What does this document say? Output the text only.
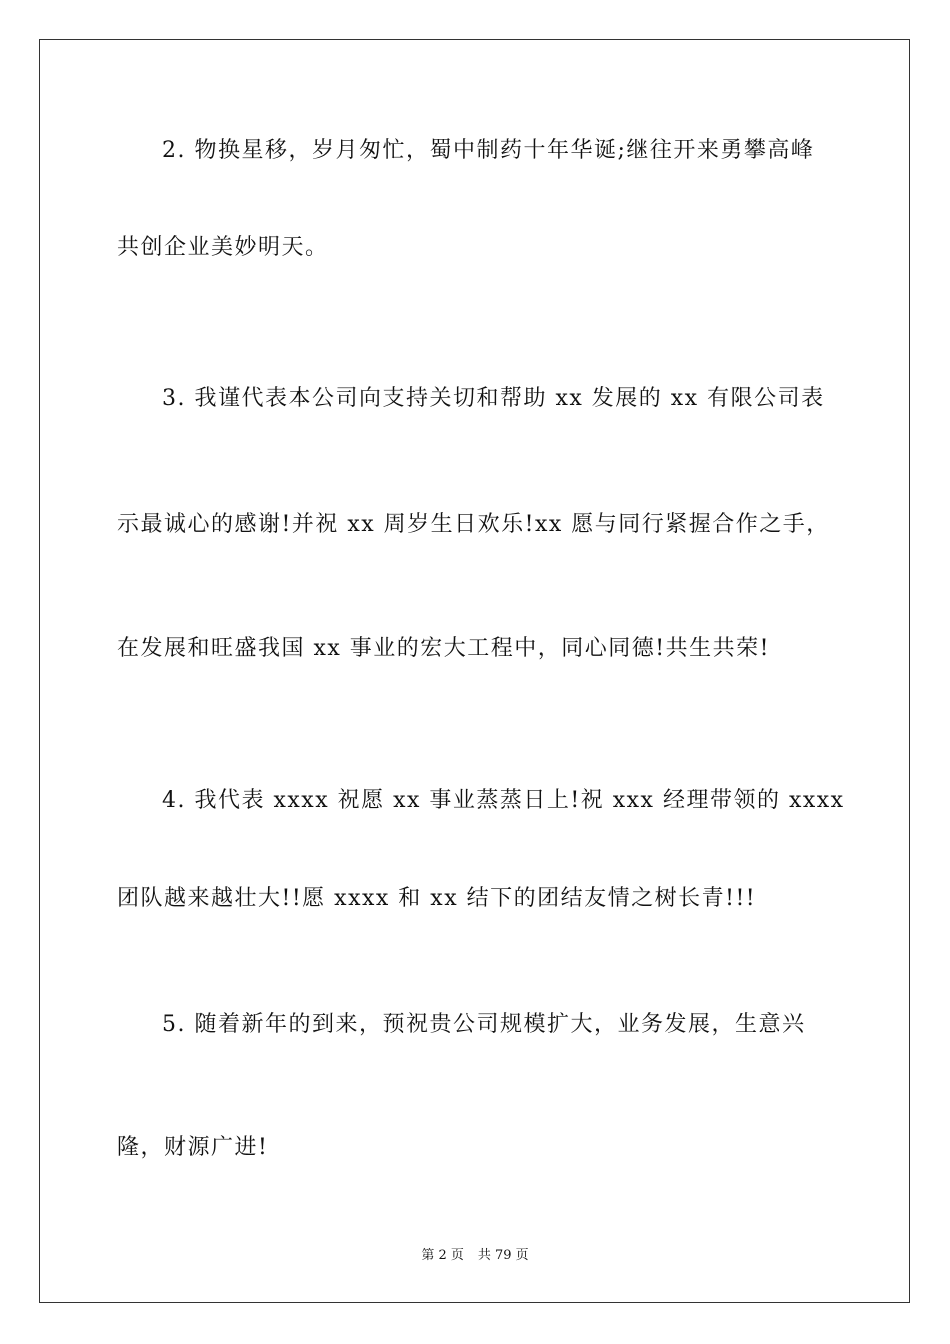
2. 物换星移，岁月匆忙，蜀中制药十年华诞;继往开来勇攀高峰
共创企业美妙明天。
3. 我谨代表本公司向支持关切和帮助 xx 发展的 xx 有限公司表
示最诚心的感谢!并祝 xx 周岁生日欢乐!xx 愿与同行紧握合作之手，
在发展和旺盛我国 xx 事业的宏大工程中，同心同德!共生共荣!
4. 我代表 xxxx 祝愿 xx 事业蒸蒸日上!祝 xxx 经理带领的 xxxx
团队越来越壮大!!愿 xxxx 和 xx 结下的团结友情之树长青!!!
5. 随着新年的到来，预祝贵公司规模扩大，业务发展，生意兴
隆，财源广进!
第 2 页 共 79 页
